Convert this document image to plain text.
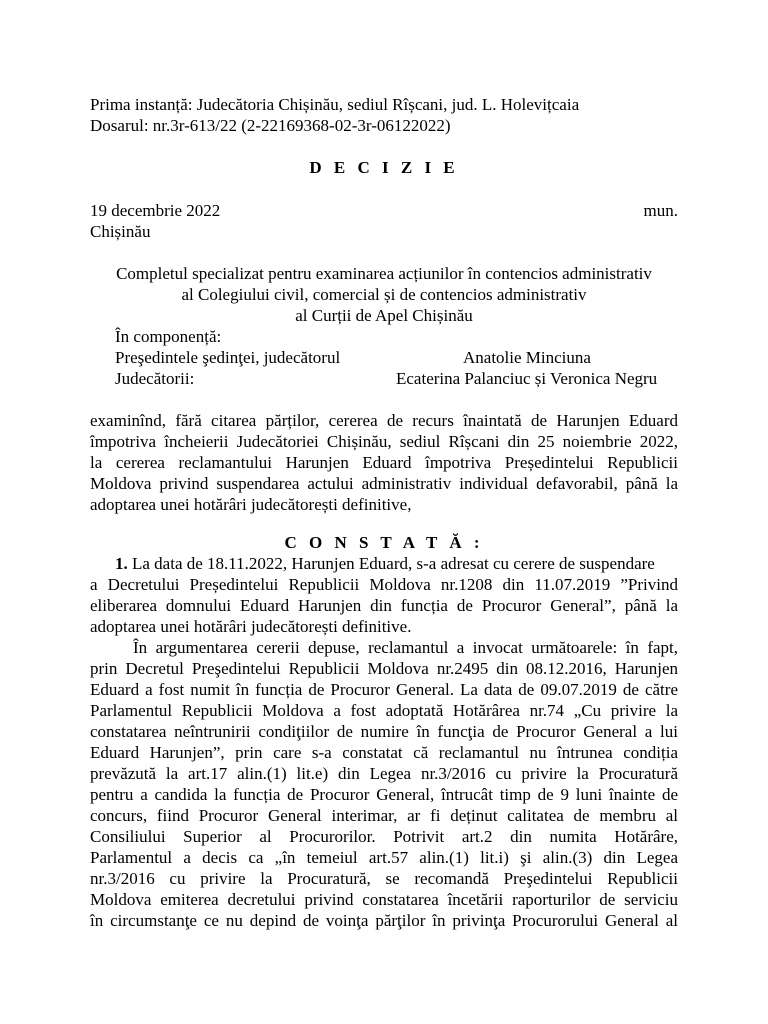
Prima instanță: Judecătoria Chișinău, sediul Rîșcani, jud. L. Holevițcaia
Dosarul: nr.3r-613/22 (2-22169368-02-3r-06122022)
D E C I Z I E
19 decembrie 2022	mun.
Chișinău
Completul specializat pentru examinarea acțiunilor în contencios administrativ
al Colegiului civil, comercial și de contencios administrativ
al Curții de Apel Chișinău
În componență:
Preşedintele şedinţei, judecătorul	Anatolie Minciuna
Judecătorii:	Ecaterina Palanciuc și Veronica Negru
examinînd, fără citarea părților, cererea de recurs înaintată de Harunjen Eduard
împotriva încheierii Judecătoriei Chișinău, sediul Rîșcani din 25 noiembrie 2022,
la cererea reclamantului Harunjen Eduard împotriva Președintelui Republicii
Moldova privind suspendarea actului administrativ individual defavorabil, până la
adoptarea unei hotărâri judecătorești definitive,
C O N S T A T Ă :
1. La data de 18.11.2022, Harunjen Eduard, s-a adresat cu cerere de suspendare
a Decretului Președintelui Republicii Moldova nr.1208 din 11.07.2019 ”Privind
eliberarea domnului Eduard Harunjen din funcția de Procuror General”, până la
adoptarea unei hotărâri judecătorești definitive.
În argumentarea cererii depuse, reclamantul a invocat următoarele: în fapt,
prin Decretul Preşedintelui Republicii Moldova nr.2495 din 08.12.2016, Harunjen
Eduard a fost numit în funcția de Procuror General. La data de 09.07.2019 de către
Parlamentul Republicii Moldova a fost adoptată Hotărârea nr.74 „Cu privire la
constatarea neîntrunirii condiţiilor de numire în funcţia de Procuror General a lui
Eduard Harunjen”, prin care s-a constatat că reclamantul nu întrunea condiția
prevăzută la art.17 alin.(1) lit.e) din Legea nr.3/2016 cu privire la Procuratură
pentru a candida la funcția de Procuror General, întrucât timp de 9 luni înainte de
concurs, fiind Procuror General interimar, ar fi deținut calitatea de membru al
Consiliului Superior al Procurorilor. Potrivit art.2 din numita Hotărâre,
Parlamentul a decis ca „în temeiul art.57 alin.(1) lit.i) şi alin.(3) din Legea
nr.3/2016 cu privire la Procuratură, se recomandă Preşedintelui Republicii
Moldova emiterea decretului privind constatarea încetării raporturilor de serviciu
în circumstanţe ce nu depind de voinţa părţilor în privinţa Procurorului General al
